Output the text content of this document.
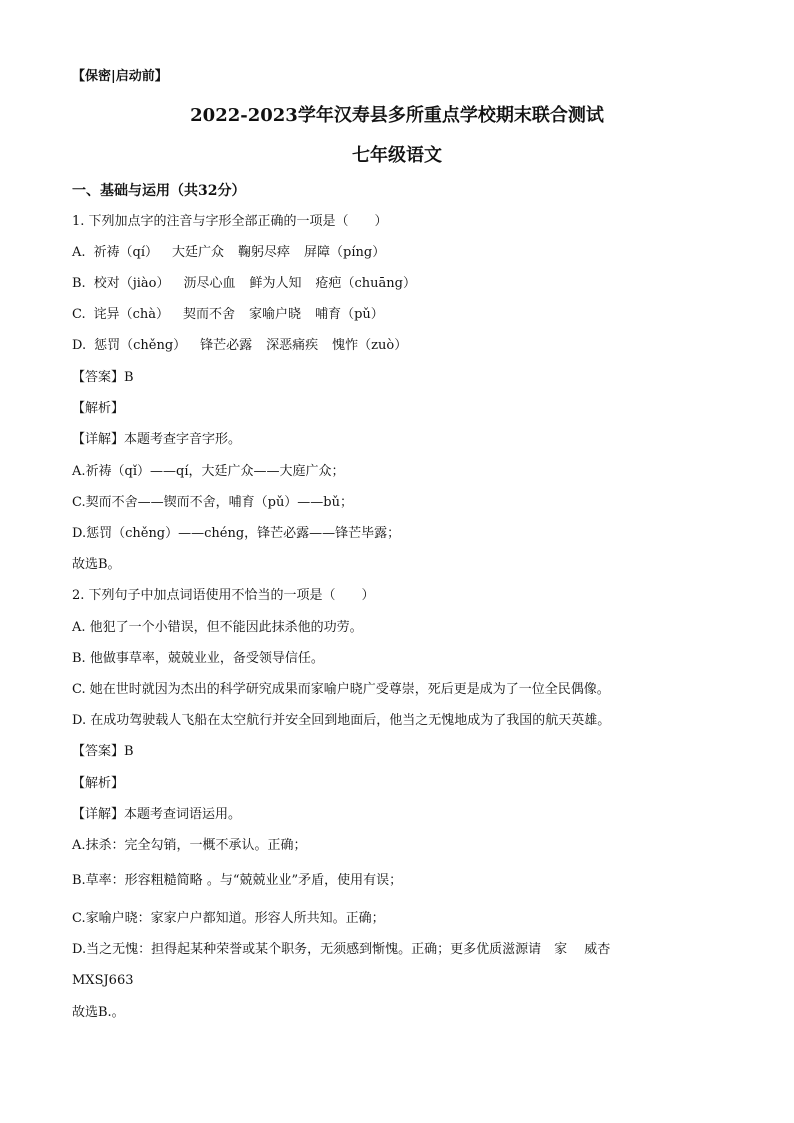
【保密|启动前】
2022-2023学年汉寿县多所重点学校期末联合测试
七年级语文
一、基础与运用（共32分）
1. 下列加点字的注音与字形全部正确的一项是（　　）
A. 祈祷（qí） 大廷广众 鞠躬尽瘁 屏障（píng）
B. 校对（jiào） 沥尽心血 鲜为人知 疮疤（chuāng）
C. 诧异（chà） 契而不舍 家喻户晓 哺育（pǔ）
D. 惩罚（chěng） 锋芒必露 深恶痛疾 愧怍（zuò）
【答案】B
【解析】
【详解】本题考查字音字形。
A.祈祷（qǐ）——qí，大廷广众——大庭广众；
C.契而不舍——锲而不舍，哺育（pǔ）——bǔ；
D.惩罚（chěng）——chéng，锋芒必露——锋芒毕露；
故选B。
2. 下列句子中加点词语使用不恰当的一项是（　　）
A. 他犯了一个小错误，但不能因此抹杀他的功劳。
B. 他做事草率，兢兢业业，备受领导信任。
C. 她在世时就因为杰出的科学研究成果而家喻户晓广受尊崇，死后更是成为了一位全民偶像。
D. 在成功驾驶载人飞船在太空航行并安全回到地面后，他当之无愧地成为了我国的航天英雄。
【答案】B
【解析】
【详解】本题考查词语运用。
A.抹杀：完全勾销，一概不承认。正确；
B.草率：形容粗糙简略 。与“兢兢业业”矛盾，使用有误；
C.家喻户晓：家家户户都知道。形容人所共知。正确；
D.当之无愧：担得起某种荣誉或某个职务，无须感到惭愧。正确；更多优质滋源请　家　 威杏
MXSJ663
故选B.。
